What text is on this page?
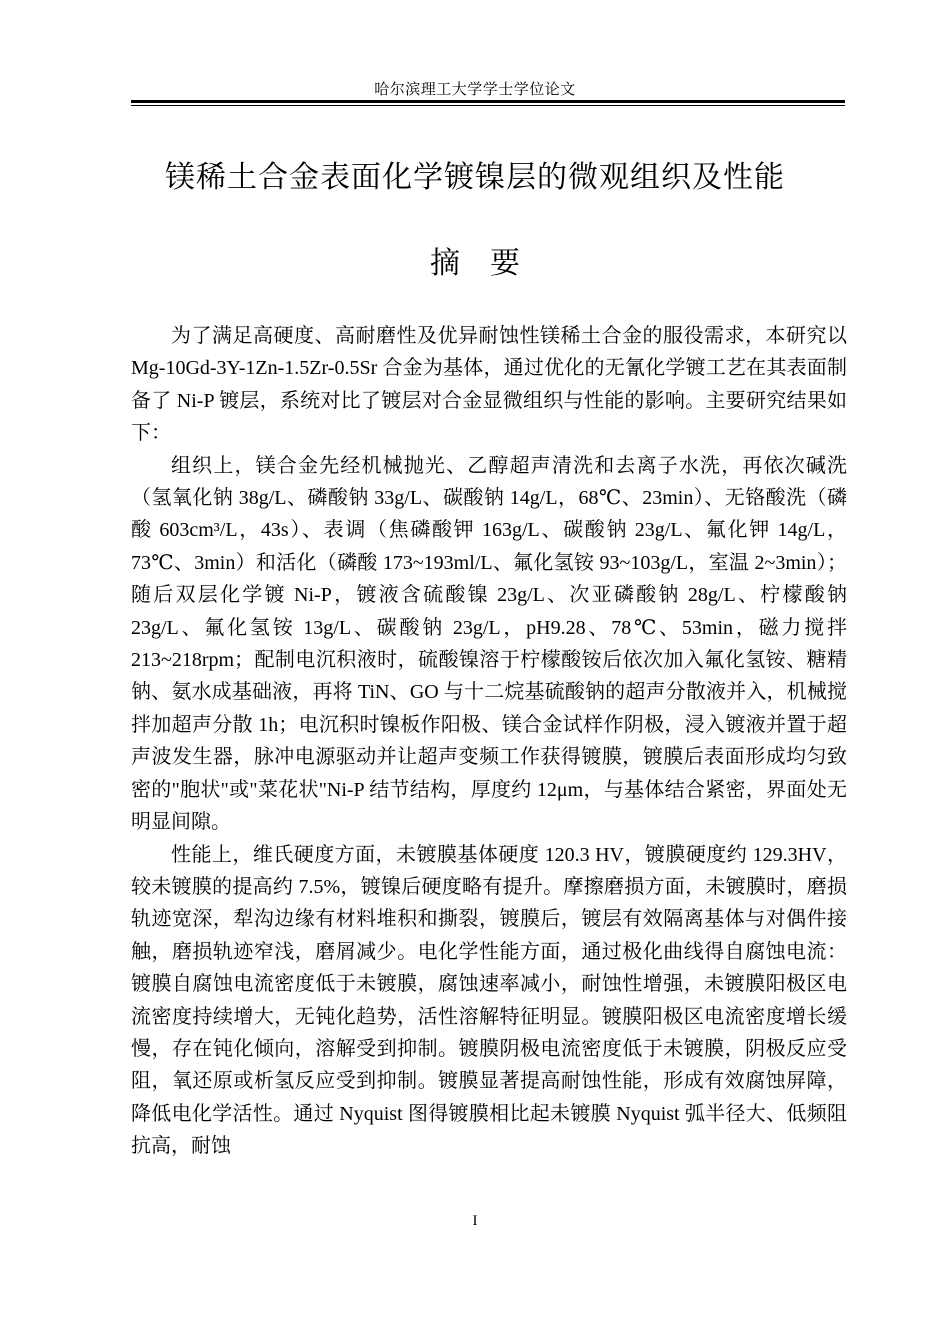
哈尔滨理工大学学士学位论文
镁稀土合金表面化学镀镍层的微观组织及性能
摘　要

为了满足高硬度、高耐磨性及优异耐蚀性镁稀土合金的服役需求，本研究以 Mg-10Gd-3Y-1Zn-1.5Zr-0.5Sr 合金为基体，通过优化的无氰化学镀工艺在其表面制备了 Ni-P 镀层，系统对比了镀层对合金显微组织与性能的影响。主要研究结果如下：

组织上，镁合金先经机械抛光、乙醇超声清洗和去离子水洗，再依次碱洗（氢氧化钠 38g/L、磷酸钠 33g/L、碳酸钠 14g/L，68℃、23min）、无铬酸洗（磷酸 603cm³/L，43s）、表调（焦磷酸钾 163g/L、碳酸钠 23g/L、氟化钾 14g/L，73℃、3min）和活化（磷酸 173~193ml/L、氟化氢铵 93~103g/L，室温 2~3min）；随后双层化学镀 Ni-P，镀液含硫酸镍 23g/L、次亚磷酸钠 28g/L、柠檬酸钠 23g/L、氟化氢铵 13g/L、碳酸钠 23g/L，pH9.28、78℃、53min，磁力搅拌 213~218rpm；配制电沉积液时，硫酸镍溶于柠檬酸铵后依次加入氟化氢铵、糖精钠、氨水成基础液，再将 TiN、GO 与十二烷基硫酸钠的超声分散液并入，机械搅拌加超声分散 1h；电沉积时镍板作阳极、镁合金试样作阴极，浸入镀液并置于超声波发生器，脉冲电源驱动并让超声变频工作获得镀膜，镀膜后表面形成均匀致密的"胞状"或"菜花状"Ni-P 结节结构，厚度约 12μm，与基体结合紧密，界面处无明显间隙。

性能上，维氏硬度方面，未镀膜基体硬度 120.3 HV，镀膜硬度约 129.3HV，较未镀膜的提高约 7.5%，镀镍后硬度略有提升。摩擦磨损方面，未镀膜时，磨损轨迹宽深，犁沟边缘有材料堆积和撕裂，镀膜后，镀层有效隔离基体与对偶件接触，磨损轨迹窄浅，磨屑减少。电化学性能方面，通过极化曲线得自腐蚀电流：镀膜自腐蚀电流密度低于未镀膜，腐蚀速率减小，耐蚀性增强，未镀膜阳极区电流密度持续增大，无钝化趋势，活性溶解特征明显。镀膜阳极区电流密度增长缓慢，存在钝化倾向，溶解受到抑制。镀膜阴极电流密度低于未镀膜，阴极反应受阻，氧还原或析氢反应受到抑制。镀膜显著提高耐蚀性能，形成有效腐蚀屏障，降低电化学活性。通过 Nyquist 图得镀膜相比起未镀膜 Nyquist 弧半径大、低频阻抗高，耐蚀

I
